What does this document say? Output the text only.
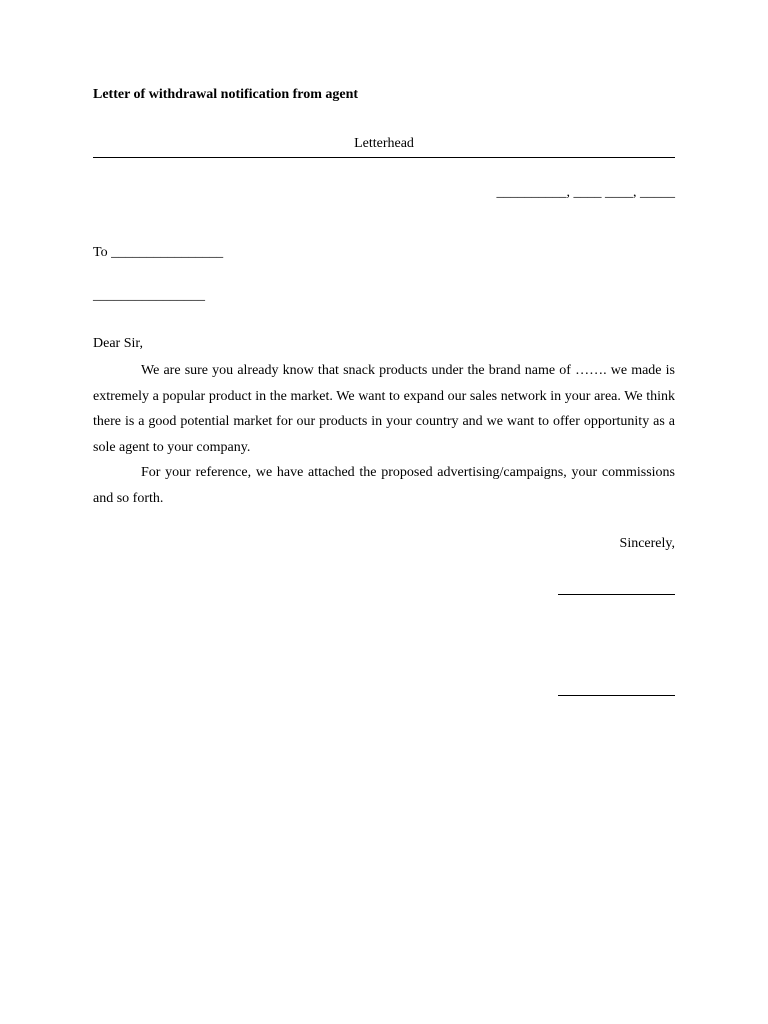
Letter of withdrawal notification from agent
Letterhead
__________, ____ ____, _____
To ________________
________________
Dear Sir,

We are sure you already know that snack products under the brand name of ……. we made is extremely a popular product in the market. We want to expand our sales network in your area. We think there is a good potential market for our products in your country and we want to offer opportunity as a sole agent to your company.

For your reference, we have attached the proposed advertising/campaigns, your commissions and so forth.

Sincerely,
